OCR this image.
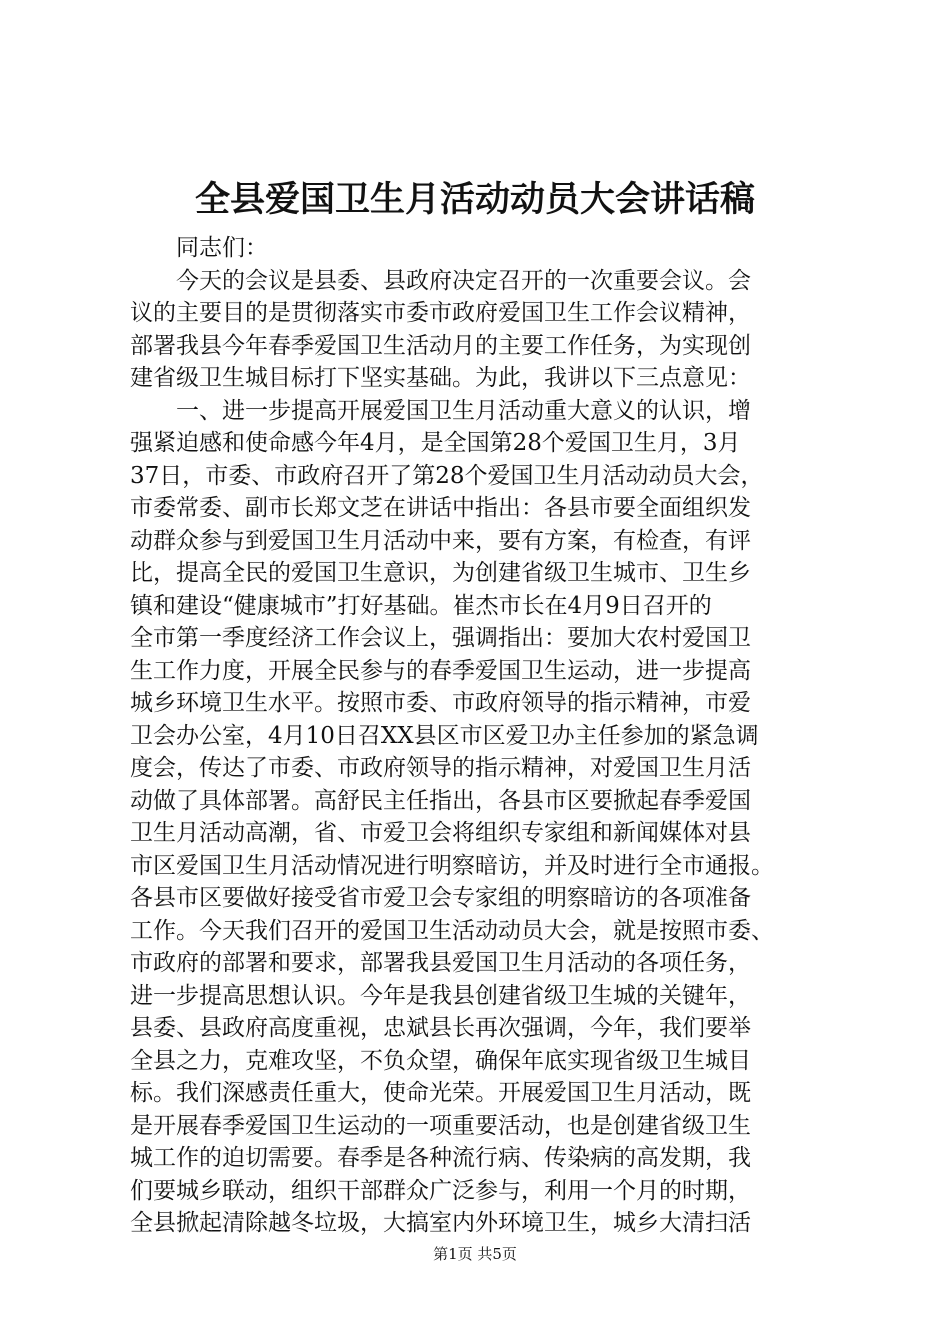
全县爱国卫生月活动动员大会讲话稿
　　同志们：
　　今天的会议是县委、县政府决定召开的一次重要会议。会
议的主要目的是贯彻落实市委市政府爱国卫生工作会议精神，
部署我县今年春季爱国卫生活动月的主要工作任务，为实现创
建省级卫生城目标打下坚实基础。为此，我讲以下三点意见：
　　一、进一步提高开展爱国卫生月活动重大意义的认识，增
强紧迫感和使命感今年4月，是全国第28个爱国卫生月，3月
37日，市委、市政府召开了第28个爱国卫生月活动动员大会，
市委常委、副市长郑文芝在讲话中指出：各县市要全面组织发
动群众参与到爱国卫生月活动中来，要有方案，有检查，有评
比，提高全民的爱国卫生意识，为创建省级卫生城市、卫生乡
镇和建设“健康城市”打好基础。崔杰市长在4月9日召开的
全市第一季度经济工作会议上，强调指出：要加大农村爱国卫
生工作力度，开展全民参与的春季爱国卫生运动，进一步提高
城乡环境卫生水平。按照市委、市政府领导的指示精神，市爱
卫会办公室，4月10日召XX县区市区爱卫办主任参加的紧急调
度会，传达了市委、市政府领导的指示精神，对爱国卫生月活
动做了具体部署。高舒民主任指出，各县市区要掀起春季爱国
卫生月活动高潮，省、市爱卫会将组织专家组和新闻媒体对县
市区爱国卫生月活动情况进行明察暗访，并及时进行全市通报。
各县市区要做好接受省市爱卫会专家组的明察暗访的各项准备
工作。今天我们召开的爱国卫生活动动员大会，就是按照市委、
市政府的部署和要求，部署我县爱国卫生月活动的各项任务，
进一步提高思想认识。今年是我县创建省级卫生城的关键年，
县委、县政府高度重视，忠斌县长再次强调，今年，我们要举
全县之力，克难攻坚，不负众望，确保年底实现省级卫生城目
标。我们深感责任重大，使命光荣。开展爱国卫生月活动，既
是开展春季爱国卫生运动的一项重要活动，也是创建省级卫生
城工作的迫切需要。春季是各种流行病、传染病的高发期，我
们要城乡联动，组织干部群众广泛参与，利用一个月的时期，
全县掀起清除越冬垃圾，大搞室内外环境卫生，城乡大清扫活
第1页 共5页
